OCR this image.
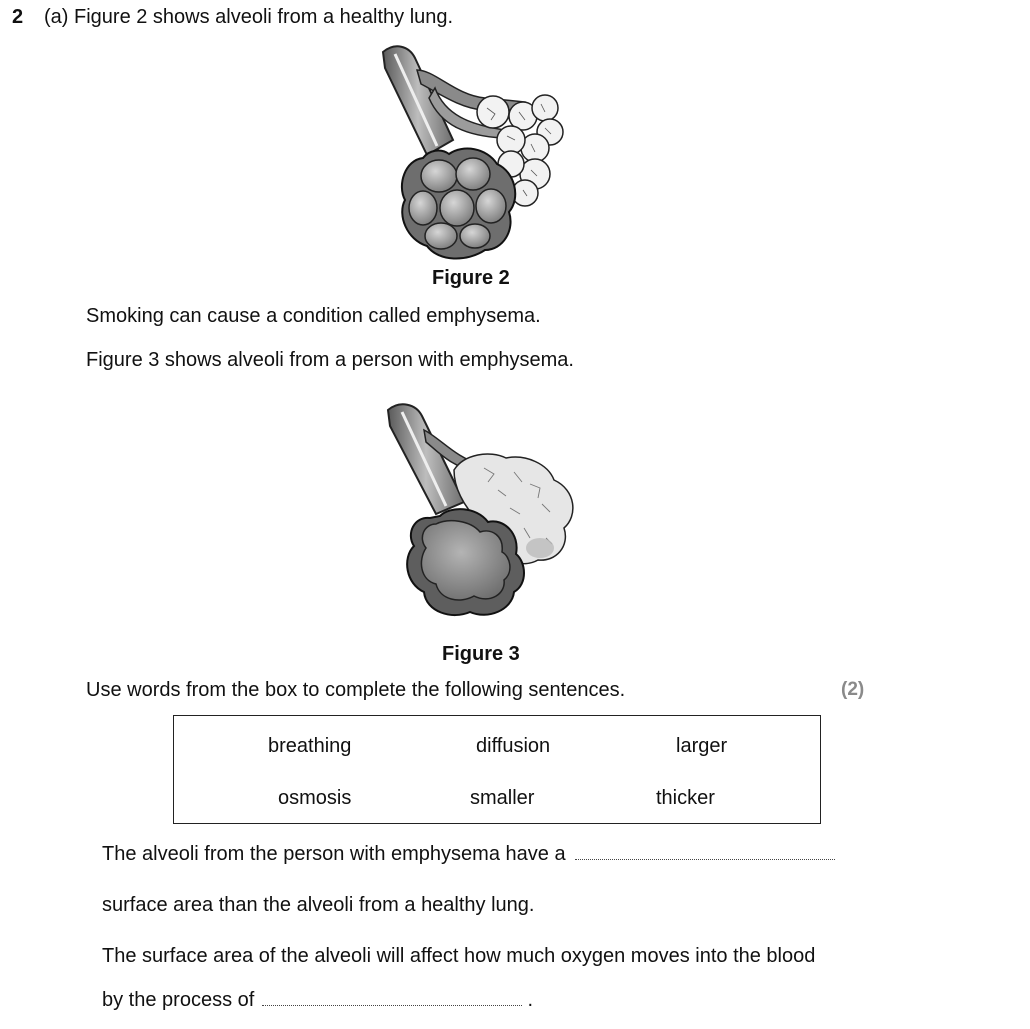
2 (a) Figure 2 shows alveoli from a healthy lung.
Figure 2
Smoking can cause a condition called emphysema.
Figure 3 shows alveoli from a person with emphysema.
Figure 3
Use words from the box to complete the following sentences.	(2)
breathing	diffusion	larger
osmosis	smaller	thicker
The alveoli from the person with emphysema have a
surface area than the alveoli from a healthy lung.
The surface area of the alveoli will affect how much oxygen moves into the blood
by the process of	.
